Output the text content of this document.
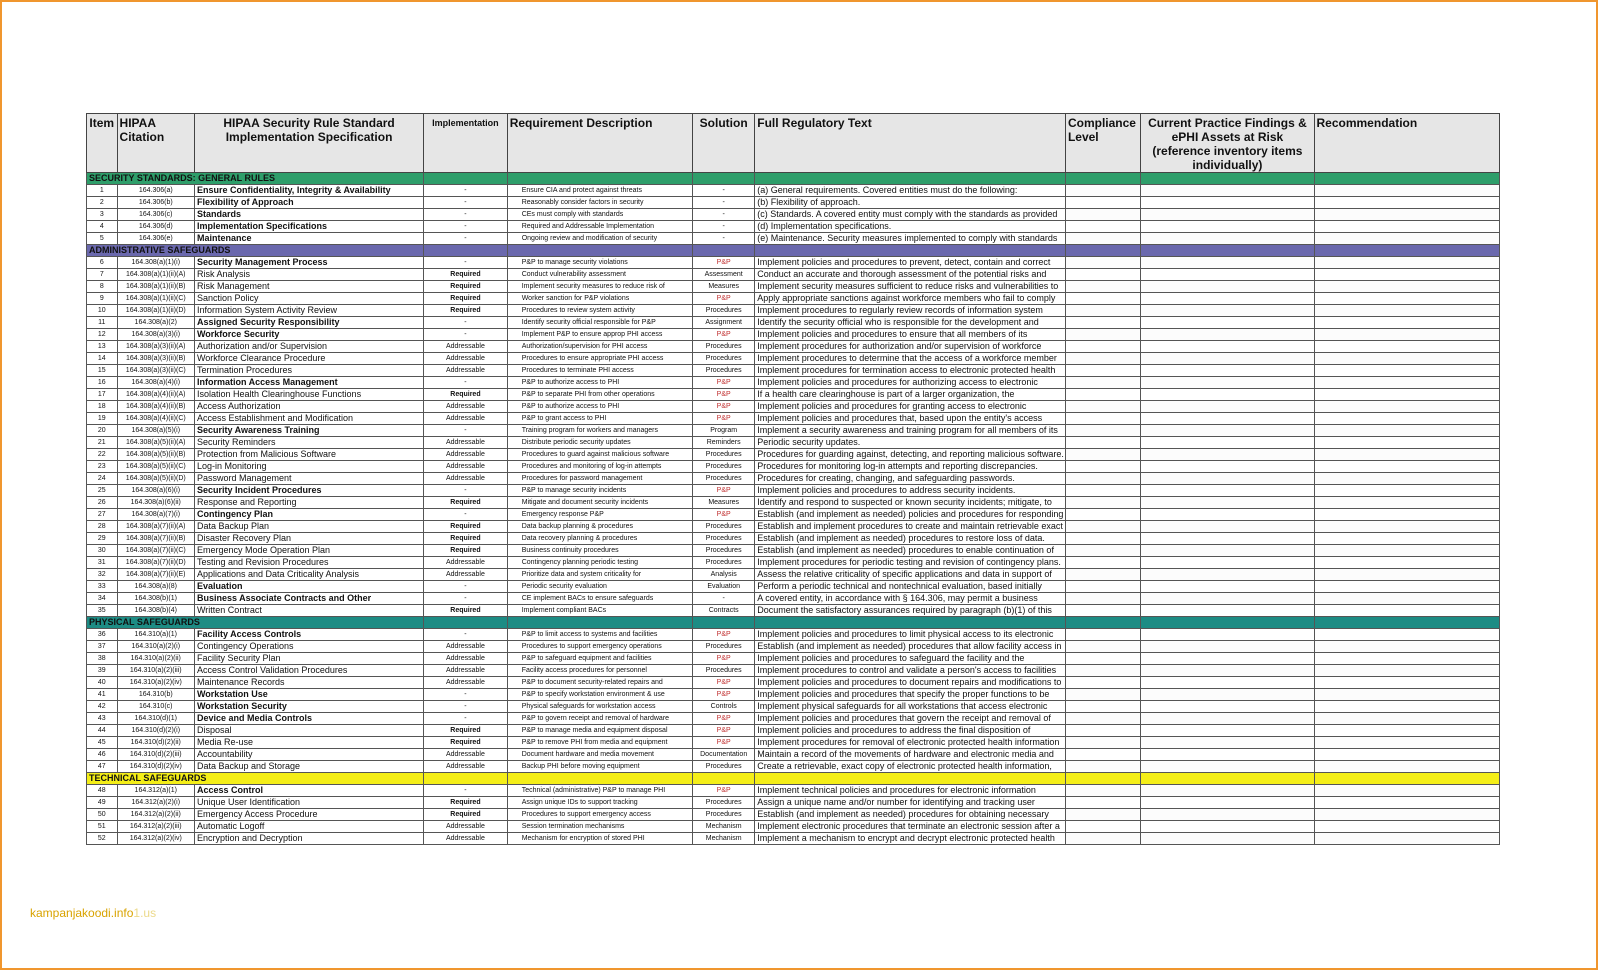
Item	HIPAA Citation	HIPAA Security Rule Standard Implementation Specification	Implementation	Requirement Description	Solution	Full Regulatory Text	Compliance Level	Current Practice Findings & ePHI Assets at Risk (reference inventory items individually)	Recommendation
SECURITY STANDARDS: GENERAL RULES									
1	164.306(a)	Ensure Confidentiality, Integrity & Availability	-	Ensure CIA and protect against threats	-	(a) General requirements. Covered entities must do the following:			
2	164.306(b)	Flexibility of Approach	-	Reasonably consider factors in security	-	(b) Flexibility of approach.			
3	164.306(c)	Standards	-	CEs must comply with standards	-	(c) Standards. A covered entity must comply with the standards as provided			
4	164.306(d)	Implementation Specifications	-	Required and Addressable Implementation	-	(d) Implementation specifications.			
5	164.306(e)	Maintenance	-	Ongoing review and modification of security	-	(e) Maintenance. Security measures implemented to comply with standards			
ADMINISTRATIVE SAFEGUARDS									
6	164.308(a)(1)(i)	Security Management Process	-	P&P to manage security violations	P&P	Implement policies and procedures to prevent, detect, contain and correct			
7	164.308(a)(1)(ii)(A)	Risk Analysis	Required	Conduct vulnerability assessment	Assessment	Conduct an accurate and thorough assessment of the potential risks and			
8	164.308(a)(1)(ii)(B)	Risk Management	Required	Implement security measures to reduce risk of	Measures	Implement security measures sufficient to reduce risks and vulnerabilities to			
9	164.308(a)(1)(ii)(C)	Sanction Policy	Required	Worker sanction for P&P violations	P&P	Apply appropriate sanctions against workforce members who fail to comply			
10	164.308(a)(1)(ii)(D)	Information System Activity Review	Required	Procedures to review system activity	Procedures	Implement procedures to regularly review records of information system			
11	164.308(a)(2)	Assigned Security Responsibility	-	Identify security official responsible for P&P	Assignment	Identify the security official who is responsible for the development and			
12	164.308(a)(3)(i)	Workforce Security	-	Implement P&P to ensure approp PHI access	P&P	Implement policies and procedures to ensure that all members of its			
13	164.308(a)(3)(ii)(A)	Authorization and/or Supervision	Addressable	Authorization/supervision for PHI access	Procedures	Implement procedures for authorization and/or supervision of workforce			
14	164.308(a)(3)(ii)(B)	Workforce Clearance Procedure	Addressable	Procedures to ensure appropriate PHI access	Procedures	Implement procedures to determine that the access of a workforce member			
15	164.308(a)(3)(ii)(C)	Termination Procedures	Addressable	Procedures to terminate PHI access	Procedures	Implement procedures for termination access to electronic protected health			
16	164.308(a)(4)(i)	Information Access Management	-	P&P to authorize access to PHI	P&P	Implement policies and procedures for authorizing access to electronic			
17	164.308(a)(4)(ii)(A)	Isolation Health Clearinghouse Functions	Required	P&P to separate PHI from other operations	P&P	If a health care clearinghouse is part of a larger organization, the			
18	164.308(a)(4)(ii)(B)	Access Authorization	Addressable	P&P to authorize access to PHI	P&P	Implement policies and procedures for granting access to electronic			
19	164.308(a)(4)(ii)(C)	Access Establishment and Modification	Addressable	P&P to grant access to PHI	P&P	Implement policies and procedures that, based upon the entity's access			
20	164.308(a)(5)(i)	Security Awareness Training	-	Training program for workers and managers	Program	Implement a security awareness and training program for all members of its			
21	164.308(a)(5)(ii)(A)	Security Reminders	Addressable	Distribute periodic security updates	Reminders	Periodic security updates.			
22	164.308(a)(5)(ii)(B)	Protection from Malicious Software	Addressable	Procedures to guard against malicious software	Procedures	Procedures for guarding against, detecting, and reporting malicious software.			
23	164.308(a)(5)(ii)(C)	Log-in Monitoring	Addressable	Procedures and monitoring of log-in attempts	Procedures	Procedures for monitoring log-in attempts and reporting discrepancies.			
24	164.308(a)(5)(ii)(D)	Password Management	Addressable	Procedures for password management	Procedures	Procedures for creating, changing, and safeguarding passwords.			
25	164.308(a)(6)(i)	Security Incident Procedures	-	P&P to manage security incidents	P&P	Implement policies and procedures to address security incidents.			
26	164.308(a)(6)(ii)	Response and Reporting	Required	Mitigate and document security incidents	Measures	Identify and respond to suspected or known security incidents; mitigate, to			
27	164.308(a)(7)(i)	Contingency Plan	-	Emergency response P&P	P&P	Establish (and implement as needed) policies and procedures for responding			
28	164.308(a)(7)(ii)(A)	Data Backup Plan	Required	Data backup planning & procedures	Procedures	Establish and implement procedures to create and maintain retrievable exact			
29	164.308(a)(7)(ii)(B)	Disaster Recovery Plan	Required	Data recovery planning & procedures	Procedures	Establish (and implement as needed) procedures to restore loss of data.			
30	164.308(a)(7)(ii)(C)	Emergency Mode Operation Plan	Required	Business continuity procedures	Procedures	Establish (and implement as needed) procedures to enable continuation of			
31	164.308(a)(7)(ii)(D)	Testing and Revision Procedures	Addressable	Contingency planning periodic testing	Procedures	Implement procedures for periodic testing and revision of contingency plans.			
32	164.308(a)(7)(ii)(E)	Applications and Data Criticality Analysis	Addressable	Prioritize data and system criticality for	Analysis	Assess the relative criticality of specific applications and data in support of			
33	164.308(a)(8)	Evaluation	-	Periodic security evaluation	Evaluation	Perform a periodic technical and nontechnical evaluation, based initially			
34	164.308(b)(1)	Business Associate Contracts and Other	-	CE implement BACs to ensure safeguards	-	A covered entity, in accordance with § 164.306, may permit a business			
35	164.308(b)(4)	Written Contract	Required	Implement compliant BACs	Contracts	Document the satisfactory assurances required by paragraph (b)(1) of this			
PHYSICAL SAFEGUARDS									
36	164.310(a)(1)	Facility Access Controls	-	P&P to limit access to systems and facilities	P&P	Implement policies and procedures to limit physical access to its electronic			
37	164.310(a)(2)(i)	Contingency Operations	Addressable	Procedures to support emergency operations	Procedures	Establish (and implement as needed) procedures that allow facility access in			
38	164.310(a)(2)(ii)	Facility Security Plan	Addressable	P&P to safeguard equipment and facilities	P&P	Implement policies and procedures to safeguard the facility and the			
39	164.310(a)(2)(iii)	Access Control Validation Procedures	Addressable	Facility access procedures for personnel	Procedures	Implement procedures to control and validate a person's access to facilities			
40	164.310(a)(2)(iv)	Maintenance Records	Addressable	P&P to document security-related repairs and	P&P	Implement policies and procedures to document repairs and modifications to			
41	164.310(b)	Workstation Use	-	P&P to specify workstation environment & use	P&P	Implement policies and procedures that specify the proper functions to be			
42	164.310(c)	Workstation Security	-	Physical safeguards for workstation access	Controls	Implement physical safeguards for all workstations that access electronic			
43	164.310(d)(1)	Device and Media Controls	-	P&P to govern receipt and removal of hardware	P&P	Implement policies and procedures that govern the receipt and removal of			
44	164.310(d)(2)(i)	Disposal	Required	P&P to manage media and equipment disposal	P&P	Implement policies and procedures to address the final disposition of			
45	164.310(d)(2)(ii)	Media Re-use	Required	P&P to remove PHI from media and equipment	P&P	Implement procedures for removal of electronic protected health information			
46	164.310(d)(2)(iii)	Accountability	Addressable	Document hardware and media movement	Documentation	Maintain a record of the movements of hardware and electronic media and			
47	164.310(d)(2)(iv)	Data Backup and Storage	Addressable	Backup PHI before moving equipment	Procedures	Create a retrievable, exact copy of electronic protected health information,			
TECHNICAL SAFEGUARDS									
48	164.312(a)(1)	Access Control	-	Technical (administrative) P&P to manage PHI	P&P	Implement technical policies and procedures for electronic information			
49	164.312(a)(2)(i)	Unique User Identification	Required	Assign unique IDs to support tracking	Procedures	Assign a unique name and/or number for identifying and tracking user			
50	164.312(a)(2)(ii)	Emergency Access Procedure	Required	Procedures to support emergency access	Procedures	Establish (and implement as needed) procedures for obtaining necessary			
51	164.312(a)(2)(iii)	Automatic Logoff	Addressable	Session termination mechanisms	Mechanism	Implement electronic procedures that terminate an electronic session after a			
52	164.312(a)(2)(iv)	Encryption and Decryption	Addressable	Mechanism for encryption of stored PHI	Mechanism	Implement a mechanism to encrypt and decrypt electronic protected health			
kampanjakoodi.info1.us
